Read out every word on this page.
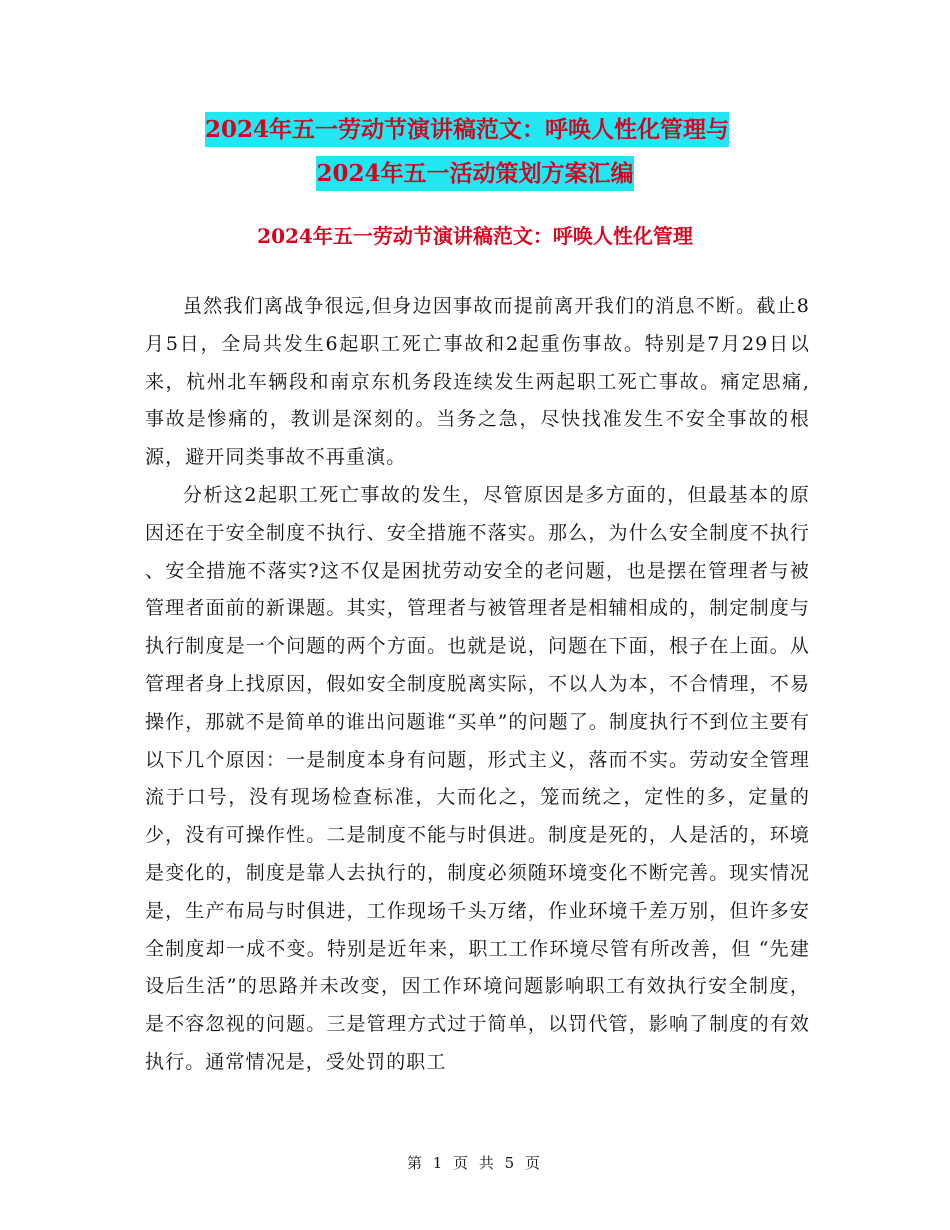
2024年五一劳动节演讲稿范文：呼唤人性化管理与
2024年五一活动策划方案汇编
2024年五一劳动节演讲稿范文：呼唤人性化管理

虽然我们离战争很远,但身边因事故而提前离开我们的消息不断。截止8月5日，全局共发生6起职工死亡事故和2起重伤事故。特别是7月29日以来，杭州北车辆段和南京东机务段连续发生两起职工死亡事故。痛定思痛,事故是惨痛的，教训是深刻的。当务之急，尽快找准发生不安全事故的根源，避开同类事故不再重演。

分析这2起职工死亡事故的发生，尽管原因是多方面的，但最基本的原因还在于安全制度不执行、安全措施不落实。那么，为什么安全制度不执行 、安全措施不落实?这不仅是困扰劳动安全的老问题，也是摆在管理者与被管理者面前的新课题。其实，管理者与被管理者是相辅相成的，制定制度与执行制度是一个问题的两个方面。也就是说，问题在下面，根子在上面。从管理者身上找原因，假如安全制度脱离实际，不以人为本，不合情理，不易操作，那就不是简单的谁出问题谁“买单”的问题了。制度执行不到位主要有以下几个原因：一是制度本身有问题，形式主义，落而不实。劳动安全管理流于口号，没有现场检查标准，大而化之，笼而统之，定性的多，定量的少，没有可操作性。二是制度不能与时俱进。制度是死的，人是活的，环境是变化的，制度是靠人去执行的，制度必须随环境变化不断完善。现实情况是，生产布局与时俱进，工作现场千头万绪，作业环境千差万别，但许多安全制度却一成不变。特别是近年来，职工工作环境尽管有所改善，但 “先建设后生活”的思路并未改变，因工作环境问题影响职工有效执行安全制度，是不容忽视的问题。三是管理方式过于简单，以罚代管，影响了制度的有效执行。通常情况是，受处罚的职工

第 1 页 共 5 页
